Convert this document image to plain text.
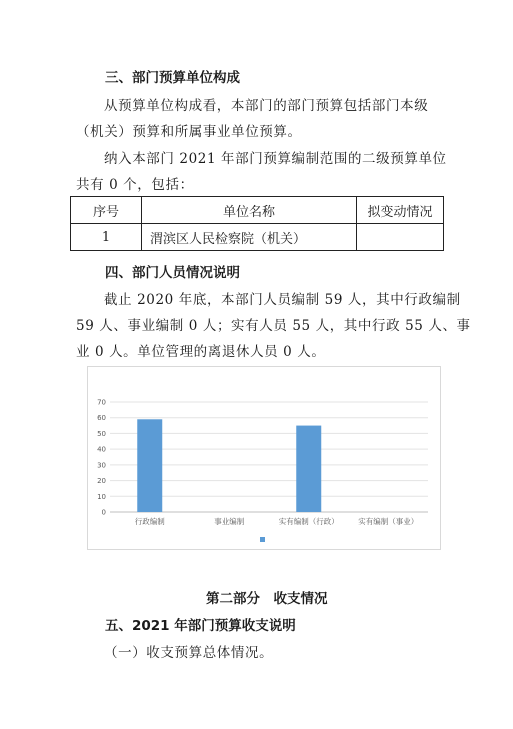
三、部门预算单位构成
从预算单位构成看，本部门的部门预算包括部门本级
（机关）预算和所属事业单位预算。
纳入本部门 2021 年部门预算编制范围的二级预算单位
共有 0 个，包括：
序号	单位名称	拟变动情况
1	渭滨区人民检察院（机关）	
四、部门人员情况说明
截止 2020 年底，本部门人员编制 59 人，其中行政编制
59 人、事业编制 0 人；实有人员 55 人，其中行政 55 人、事
业 0 人。单位管理的离退休人员 0 人。
0
10
20
30
40
50
60
70
行政编制	事业编制	实有编制（行政）	实有编制（事业）
第二部分　收支情况
五、2021 年部门预算收支说明
（一）收支预算总体情况。
